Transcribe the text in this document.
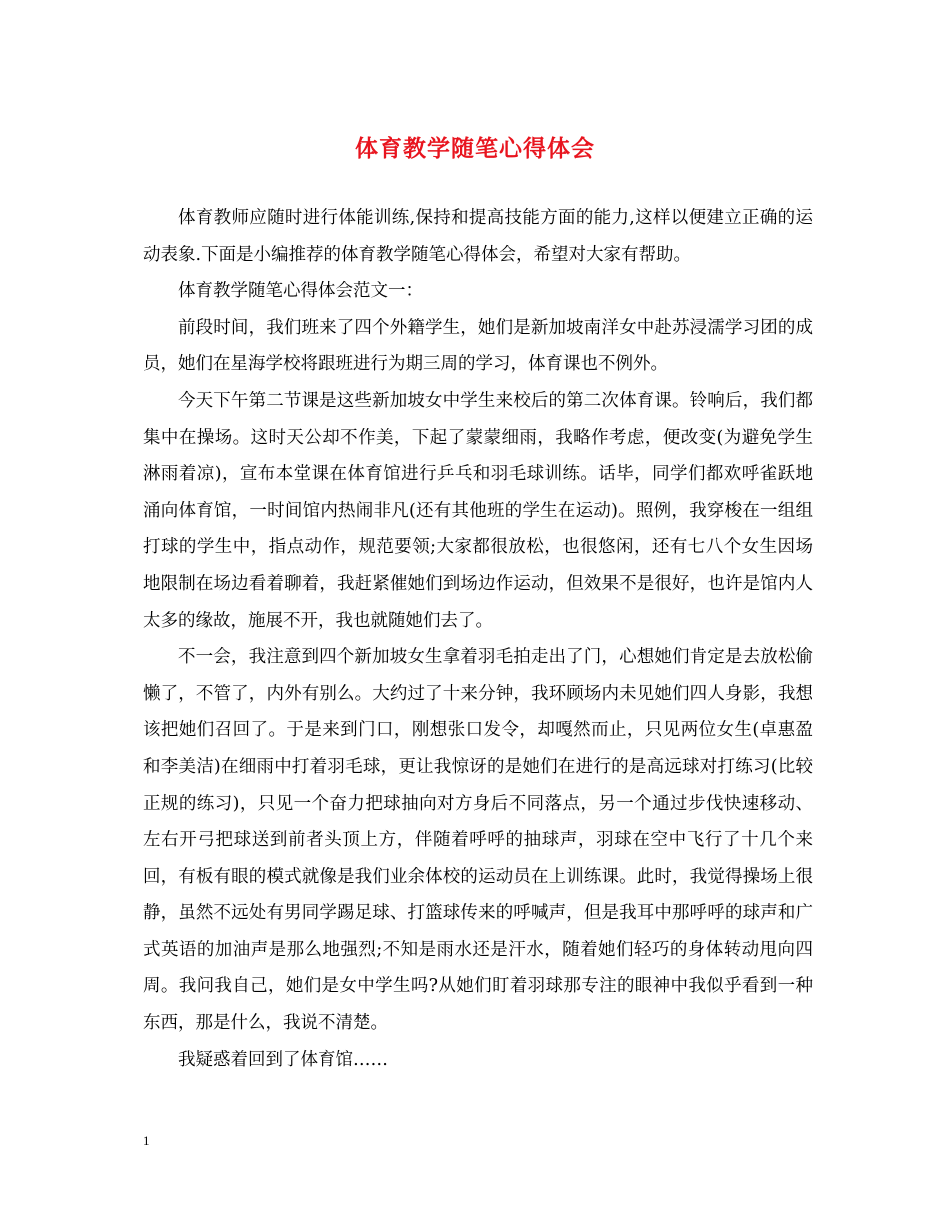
体育教学随笔心得体会

体育教师应随时进行体能训练,保持和提高技能方面的能力,这样以便建立正确的运动表象.下面是小编推荐的体育教学随笔心得体会，希望对大家有帮助。

体育教学随笔心得体会范文一：

前段时间，我们班来了四个外籍学生，她们是新加坡南洋女中赴苏浸濡学习团的成员，她们在星海学校将跟班进行为期三周的学习，体育课也不例外。

今天下午第二节课是这些新加坡女中学生来校后的第二次体育课。铃响后，我们都集中在操场。这时天公却不作美，下起了蒙蒙细雨，我略作考虑，便改变(为避免学生淋雨着凉)，宣布本堂课在体育馆进行乒乓和羽毛球训练。话毕，同学们都欢呼雀跃地涌向体育馆，一时间馆内热闹非凡(还有其他班的学生在运动)。照例，我穿梭在一组组打球的学生中，指点动作，规范要领;大家都很放松，也很悠闲，还有七八个女生因场地限制在场边看着聊着，我赶紧催她们到场边作运动，但效果不是很好，也许是馆内人太多的缘故，施展不开，我也就随她们去了。

不一会，我注意到四个新加坡女生拿着羽毛拍走出了门，心想她们肯定是去放松偷懒了，不管了，内外有别么。大约过了十来分钟，我环顾场内未见她们四人身影，我想该把她们召回了。于是来到门口，刚想张口发令，却嘎然而止，只见两位女生(卓惠盈和李美洁)在细雨中打着羽毛球，更让我惊讶的是她们在进行的是高远球对打练习(比较正规的练习)，只见一个奋力把球抽向对方身后不同落点，另一个通过步伐快速移动、左右开弓把球送到前者头顶上方，伴随着呼呼的抽球声，羽球在空中飞行了十几个来回，有板有眼的模式就像是我们业余体校的运动员在上训练课。此时，我觉得操场上很静，虽然不远处有男同学踢足球、打篮球传来的呼喊声，但是我耳中那呼呼的球声和广式英语的加油声是那么地强烈;不知是雨水还是汗水，随着她们轻巧的身体转动甩向四周。我问我自己，她们是女中学生吗?从她们盯着羽球那专注的眼神中我似乎看到一种东西，那是什么，我说不清楚。

我疑惑着回到了体育馆……

1
